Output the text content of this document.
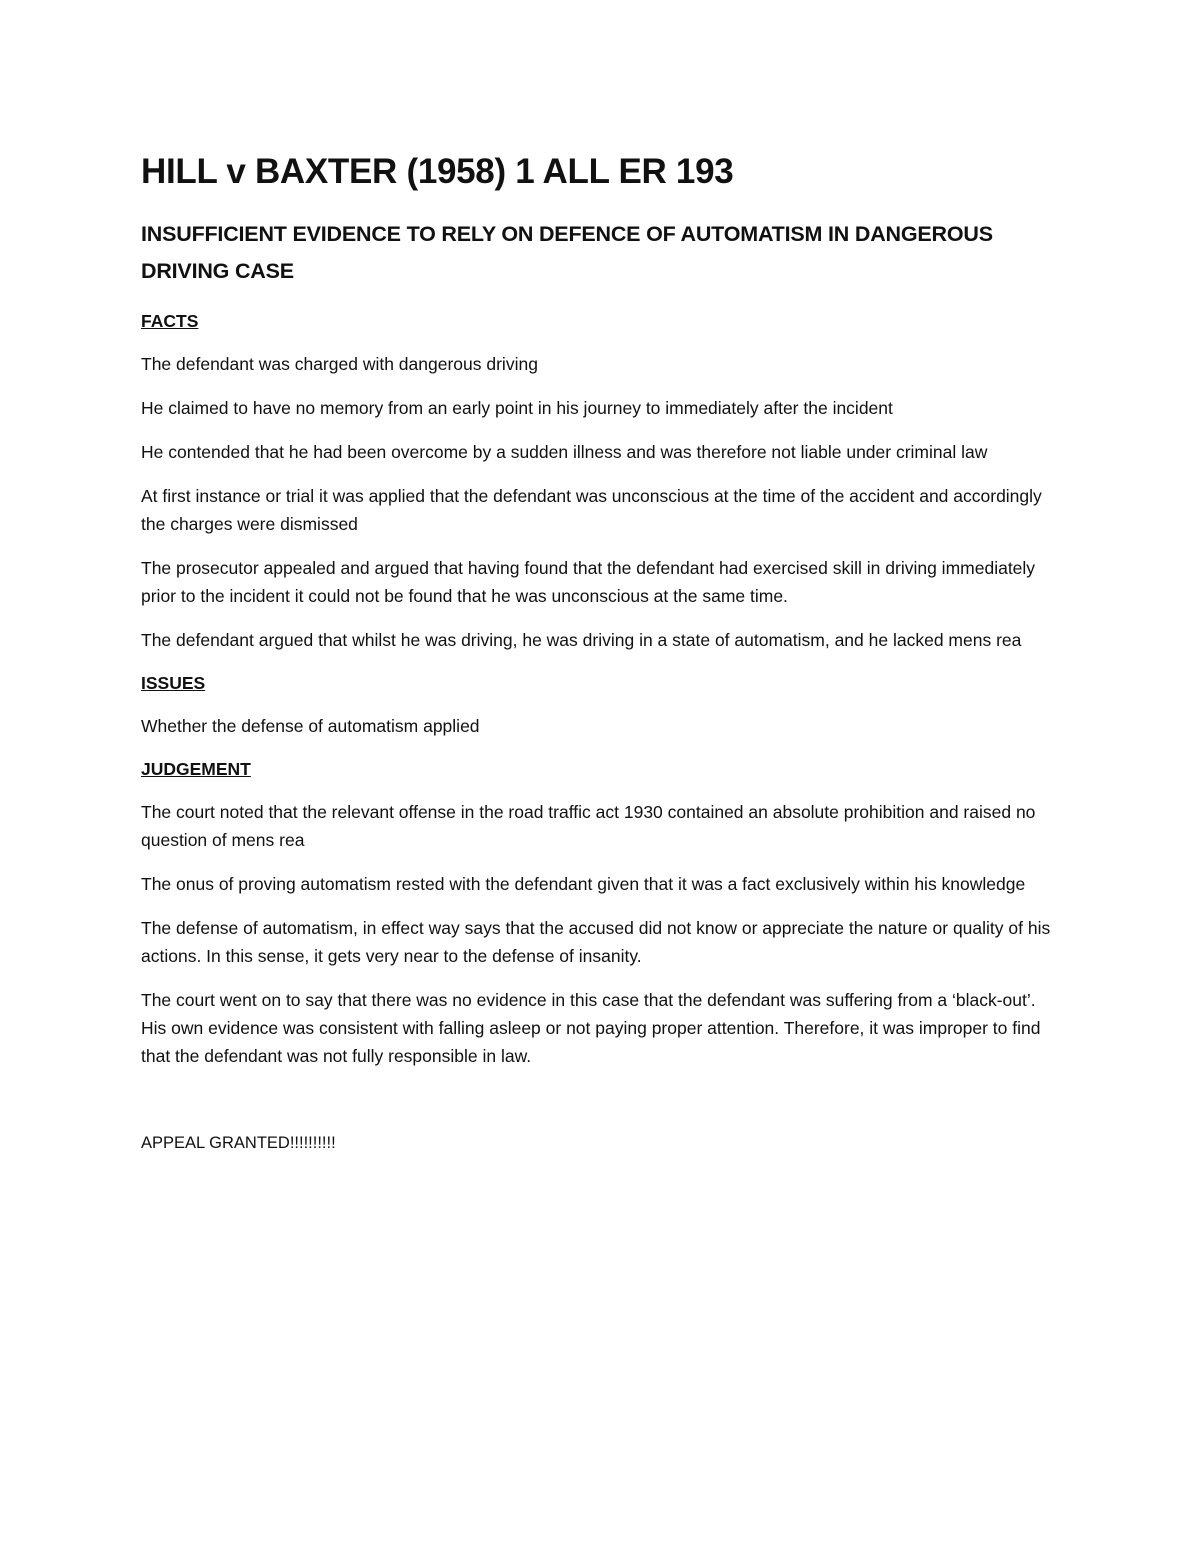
HILL v BAXTER (1958) 1 ALL ER 193
INSUFFICIENT EVIDENCE TO RELY ON DEFENCE OF AUTOMATISM IN DANGEROUS DRIVING CASE
FACTS

The defendant was charged with dangerous driving

He claimed to have no memory from an early point in his journey to immediately after the incident

He contended that he had been overcome by a sudden illness and was therefore not liable under criminal law

At first instance or trial it was applied that the defendant was unconscious at the time of the accident and accordingly the charges were dismissed

The prosecutor appealed and argued that having found that the defendant had exercised skill in driving immediately prior to the incident it could not be found that he was unconscious at the same time.

The defendant argued that whilst he was driving, he was driving in a state of automatism, and he lacked mens rea

ISSUES

Whether the defense of automatism applied

JUDGEMENT

The court noted that the relevant offense in the road traffic act 1930 contained an absolute prohibition and raised no question of mens rea

The onus of proving automatism rested with the defendant given that it was a fact exclusively within his knowledge

The defense of automatism, in effect way says that the accused did not know or appreciate the nature or quality of his actions. In this sense, it gets very near to the defense of insanity.

The court went on to say that there was no evidence in this case that the defendant was suffering from a ‘black-out’. His own evidence was consistent with falling asleep or not paying proper attention. Therefore, it was improper to find that the defendant was not fully responsible in law.

APPEAL GRANTED!!!!!!!!!!
